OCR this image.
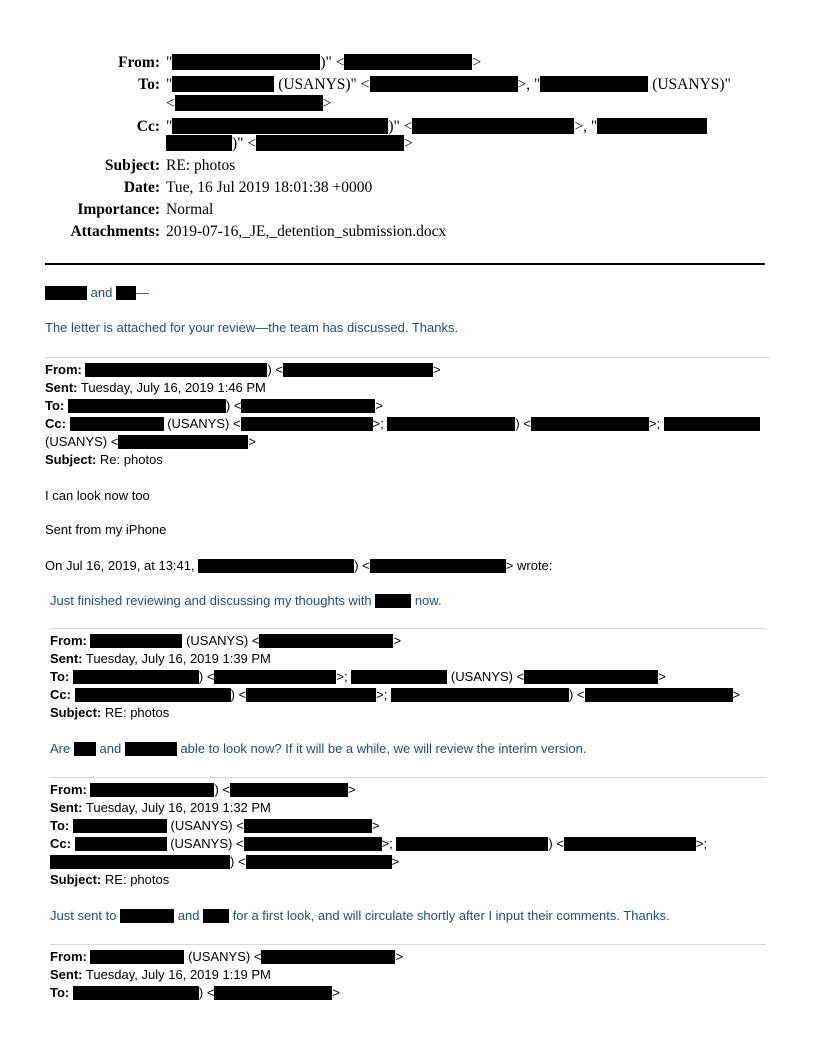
From: "	)" <	>
To: "	(USANYS)" <	>, "	(USANYS)"
<	>
Cc: "	)" <	>, "
)" <	>
Subject: RE: photos
Date: Tue, 16 Jul 2019 18:01:38 +0000
Importance: Normal
Attachments: 2019-07-16,_JE,_detention_submission.docx
and —
The letter is attached for your review—the team has discussed. Thanks.
From:	) <	>
Sent: Tuesday, July 16, 2019 1:46 PM
To:	) <	>
Cc:	(USANYS) <	>;	) <	>;
(USANYS) <	>
Subject: Re: photos
I can look now too
Sent from my iPhone
On Jul 16, 2019, at 13:41,	) <	> wrote:
Just finished reviewing and discussing my thoughts with	now.
From:	(USANYS) <	>
Sent: Tuesday, July 16, 2019 1:39 PM
To:	) <	>;	(USANYS) <	>
Cc:	) <	>;	) <	>
Subject: RE: photos
Are and	able to look now? If it will be a while, we will review the interim version.
From:	) <	>
Sent: Tuesday, July 16, 2019 1:32 PM
To:	(USANYS) <	>
Cc:	(USANYS) <	>;	) <	>;
) <	>
Subject: RE: photos
Just sent to	and	for a first look, and will circulate shortly after I input their comments. Thanks.
From:	(USANYS) <	>
Sent: Tuesday, July 16, 2019 1:19 PM
To:	) <	>
